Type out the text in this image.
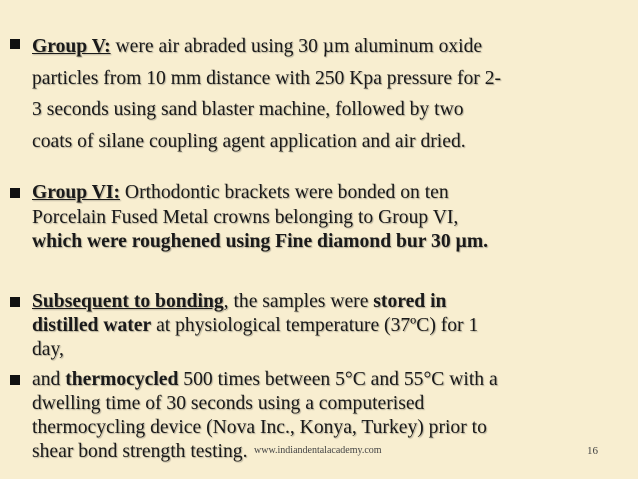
Group V: were air abraded using 30 µm aluminum oxide
particles from 10 mm distance with 250 Kpa pressure for 2-
3 seconds using sand blaster machine, followed by two
coats of silane coupling agent application and air dried.

Group VI: Orthodontic brackets were bonded on ten
Porcelain Fused Metal crowns belonging to Group VI,
which were roughened using Fine diamond bur 30 µm.

Subsequent to bonding, the samples were stored in
distilled water at physiological temperature (37ºC) for 1
day,

and thermocycled 500 times between 5°C and 55°C with a
dwelling time of 30 seconds using a computerised
thermocycling device (Nova Inc., Konya, Turkey) prior to
shear bond strength testing. www.indiandentalacademy.com	16
